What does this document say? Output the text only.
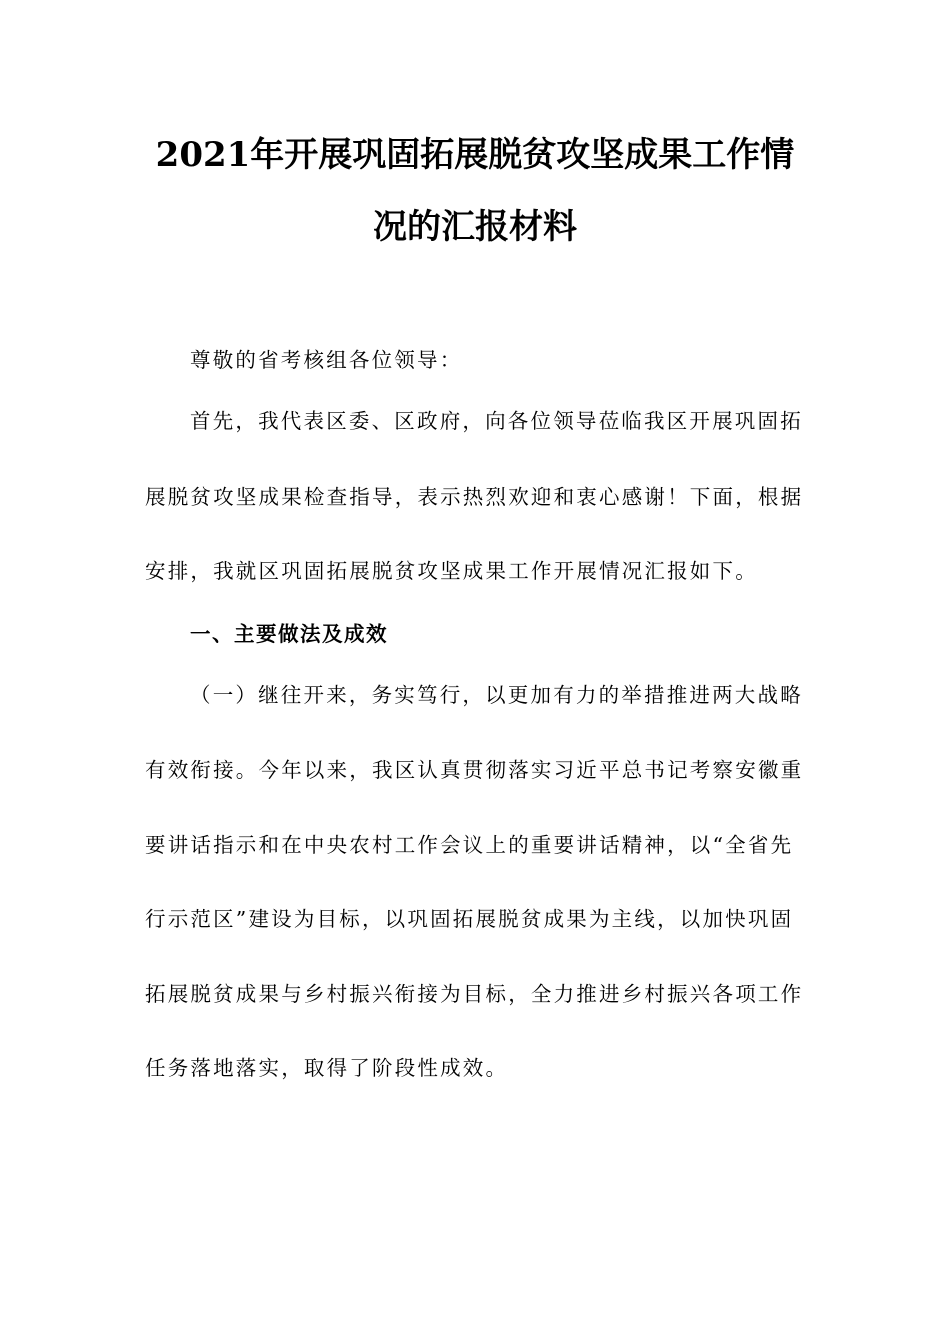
2021年开展巩固拓展脱贫攻坚成果工作情
况的汇报材料
尊敬的省考核组各位领导：
首先，我代表区委、区政府，向各位领导莅临我区开展巩固拓
展脱贫攻坚成果检查指导，表示热烈欢迎和衷心感谢！下面，根据
安排，我就区巩固拓展脱贫攻坚成果工作开展情况汇报如下。
一、主要做法及成效
（一）继往开来，务实笃行，以更加有力的举措推进两大战略
有效衔接。今年以来，我区认真贯彻落实习近平总书记考察安徽重
要讲话指示和在中央农村工作会议上的重要讲话精神，以“全省先
行示范区”建设为目标，以巩固拓展脱贫成果为主线，以加快巩固
拓展脱贫成果与乡村振兴衔接为目标，全力推进乡村振兴各项工作
任务落地落实，取得了阶段性成效。
